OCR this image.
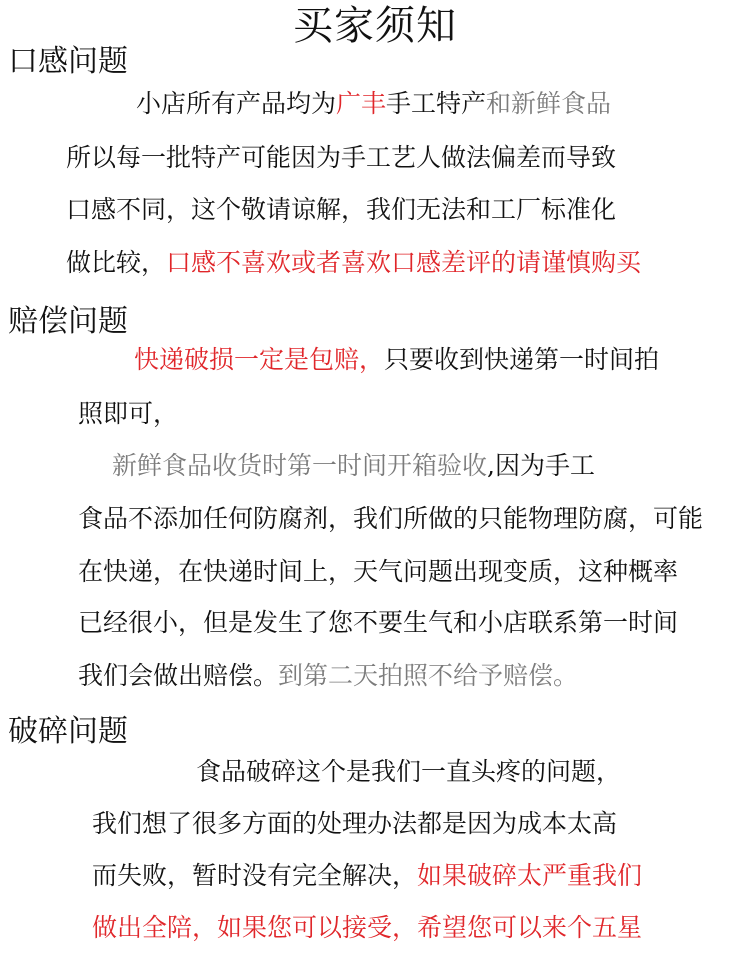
买家须知
口感问题
小店所有产品均为广丰手工特产和新鲜食品
所以每一批特产可能因为手工艺人做法偏差而导致
口感不同，这个敬请谅解，我们无法和工厂标准化
做比较，口感不喜欢或者喜欢口感差评的请谨慎购买
赔偿问题
快递破损一定是包赔，只要收到快递第一时间拍
照即可，
新鲜食品收货时第一时间开箱验收,因为手工
食品不添加任何防腐剂，我们所做的只能物理防腐，可能
在快递，在快递时间上，天气问题出现变质，这种概率
已经很小，但是发生了您不要生气和小店联系第一时间
我们会做出赔偿。到第二天拍照不给予赔偿。
破碎问题
食品破碎这个是我们一直头疼的问题，
我们想了很多方面的处理办法都是因为成本太高
而失败，暂时没有完全解决，如果破碎太严重我们
做出全陪，如果您可以接受，希望您可以来个五星
